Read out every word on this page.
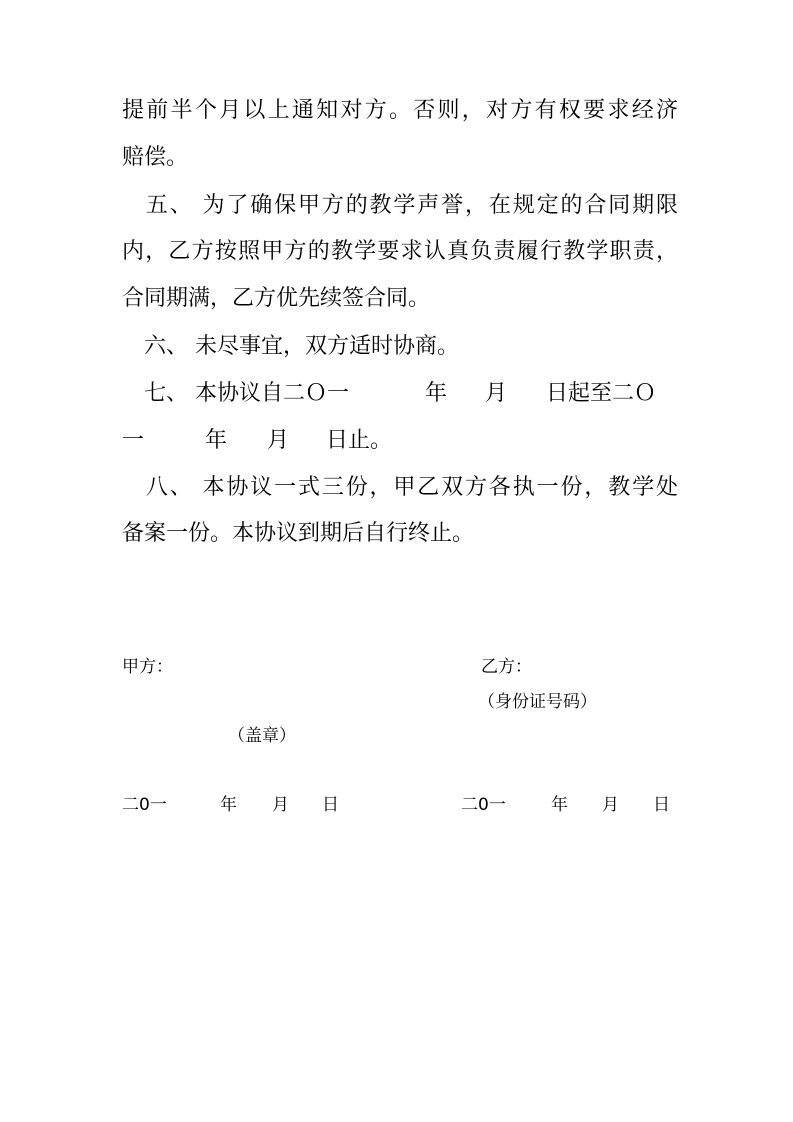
提前半个月以上通知对方。否则，对方有权要求经济
赔偿。
　五、 为了确保甲方的教学声誉，在规定的合同期限
内，乙方按照甲方的教学要求认真负责履行教学职责，
合同期满，乙方优先续签合同。
　六、 未尽事宜，双方适时协商。
　七、 本协议自二Ｏ一	年 月 日起至二Ｏ
一	年 月 日止。
　八、 本协议一式三份，甲乙双方各执一份，教学处
备案一份。本协议到期后自行终止。
甲方：	乙方：
（身份证号码）
（盖章）
二0一	年 月 日	二0一	年 月 日
